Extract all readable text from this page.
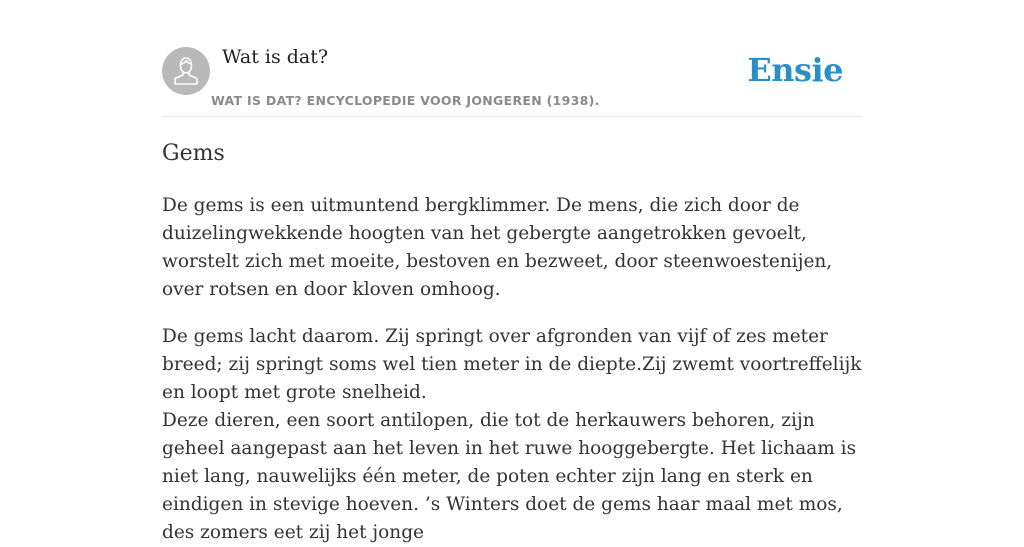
Wat is dat?
WAT IS DAT? ENCYCLOPEDIE VOOR JONGEREN (1938).
Ensie
Gems

De gems is een uitmuntend bergklimmer. De mens, die zich door de duizelingwekkende hoogten van het gebergte aangetrokken gevoelt, worstelt zich met moeite, bestoven en bezweet, door steenwoestenijen, over rotsen en door kloven omhoog.

De gems lacht daarom. Zij springt over afgronden van vijf of zes meter breed; zij springt soms wel tien meter in de diepte.Zij zwemt voortreffelijk en loopt met grote snelheid.

Deze dieren, een soort antilopen, die tot de herkauwers behoren, zijn geheel aangepast aan het leven in het ruwe hooggebergte. Het lichaam is niet lang, nauwelijks één meter, de poten echter zijn lang en sterk en eindigen in stevige hoeven. ’s Winters doet de gems haar maal met mos, des zomers eet zij het jonge
